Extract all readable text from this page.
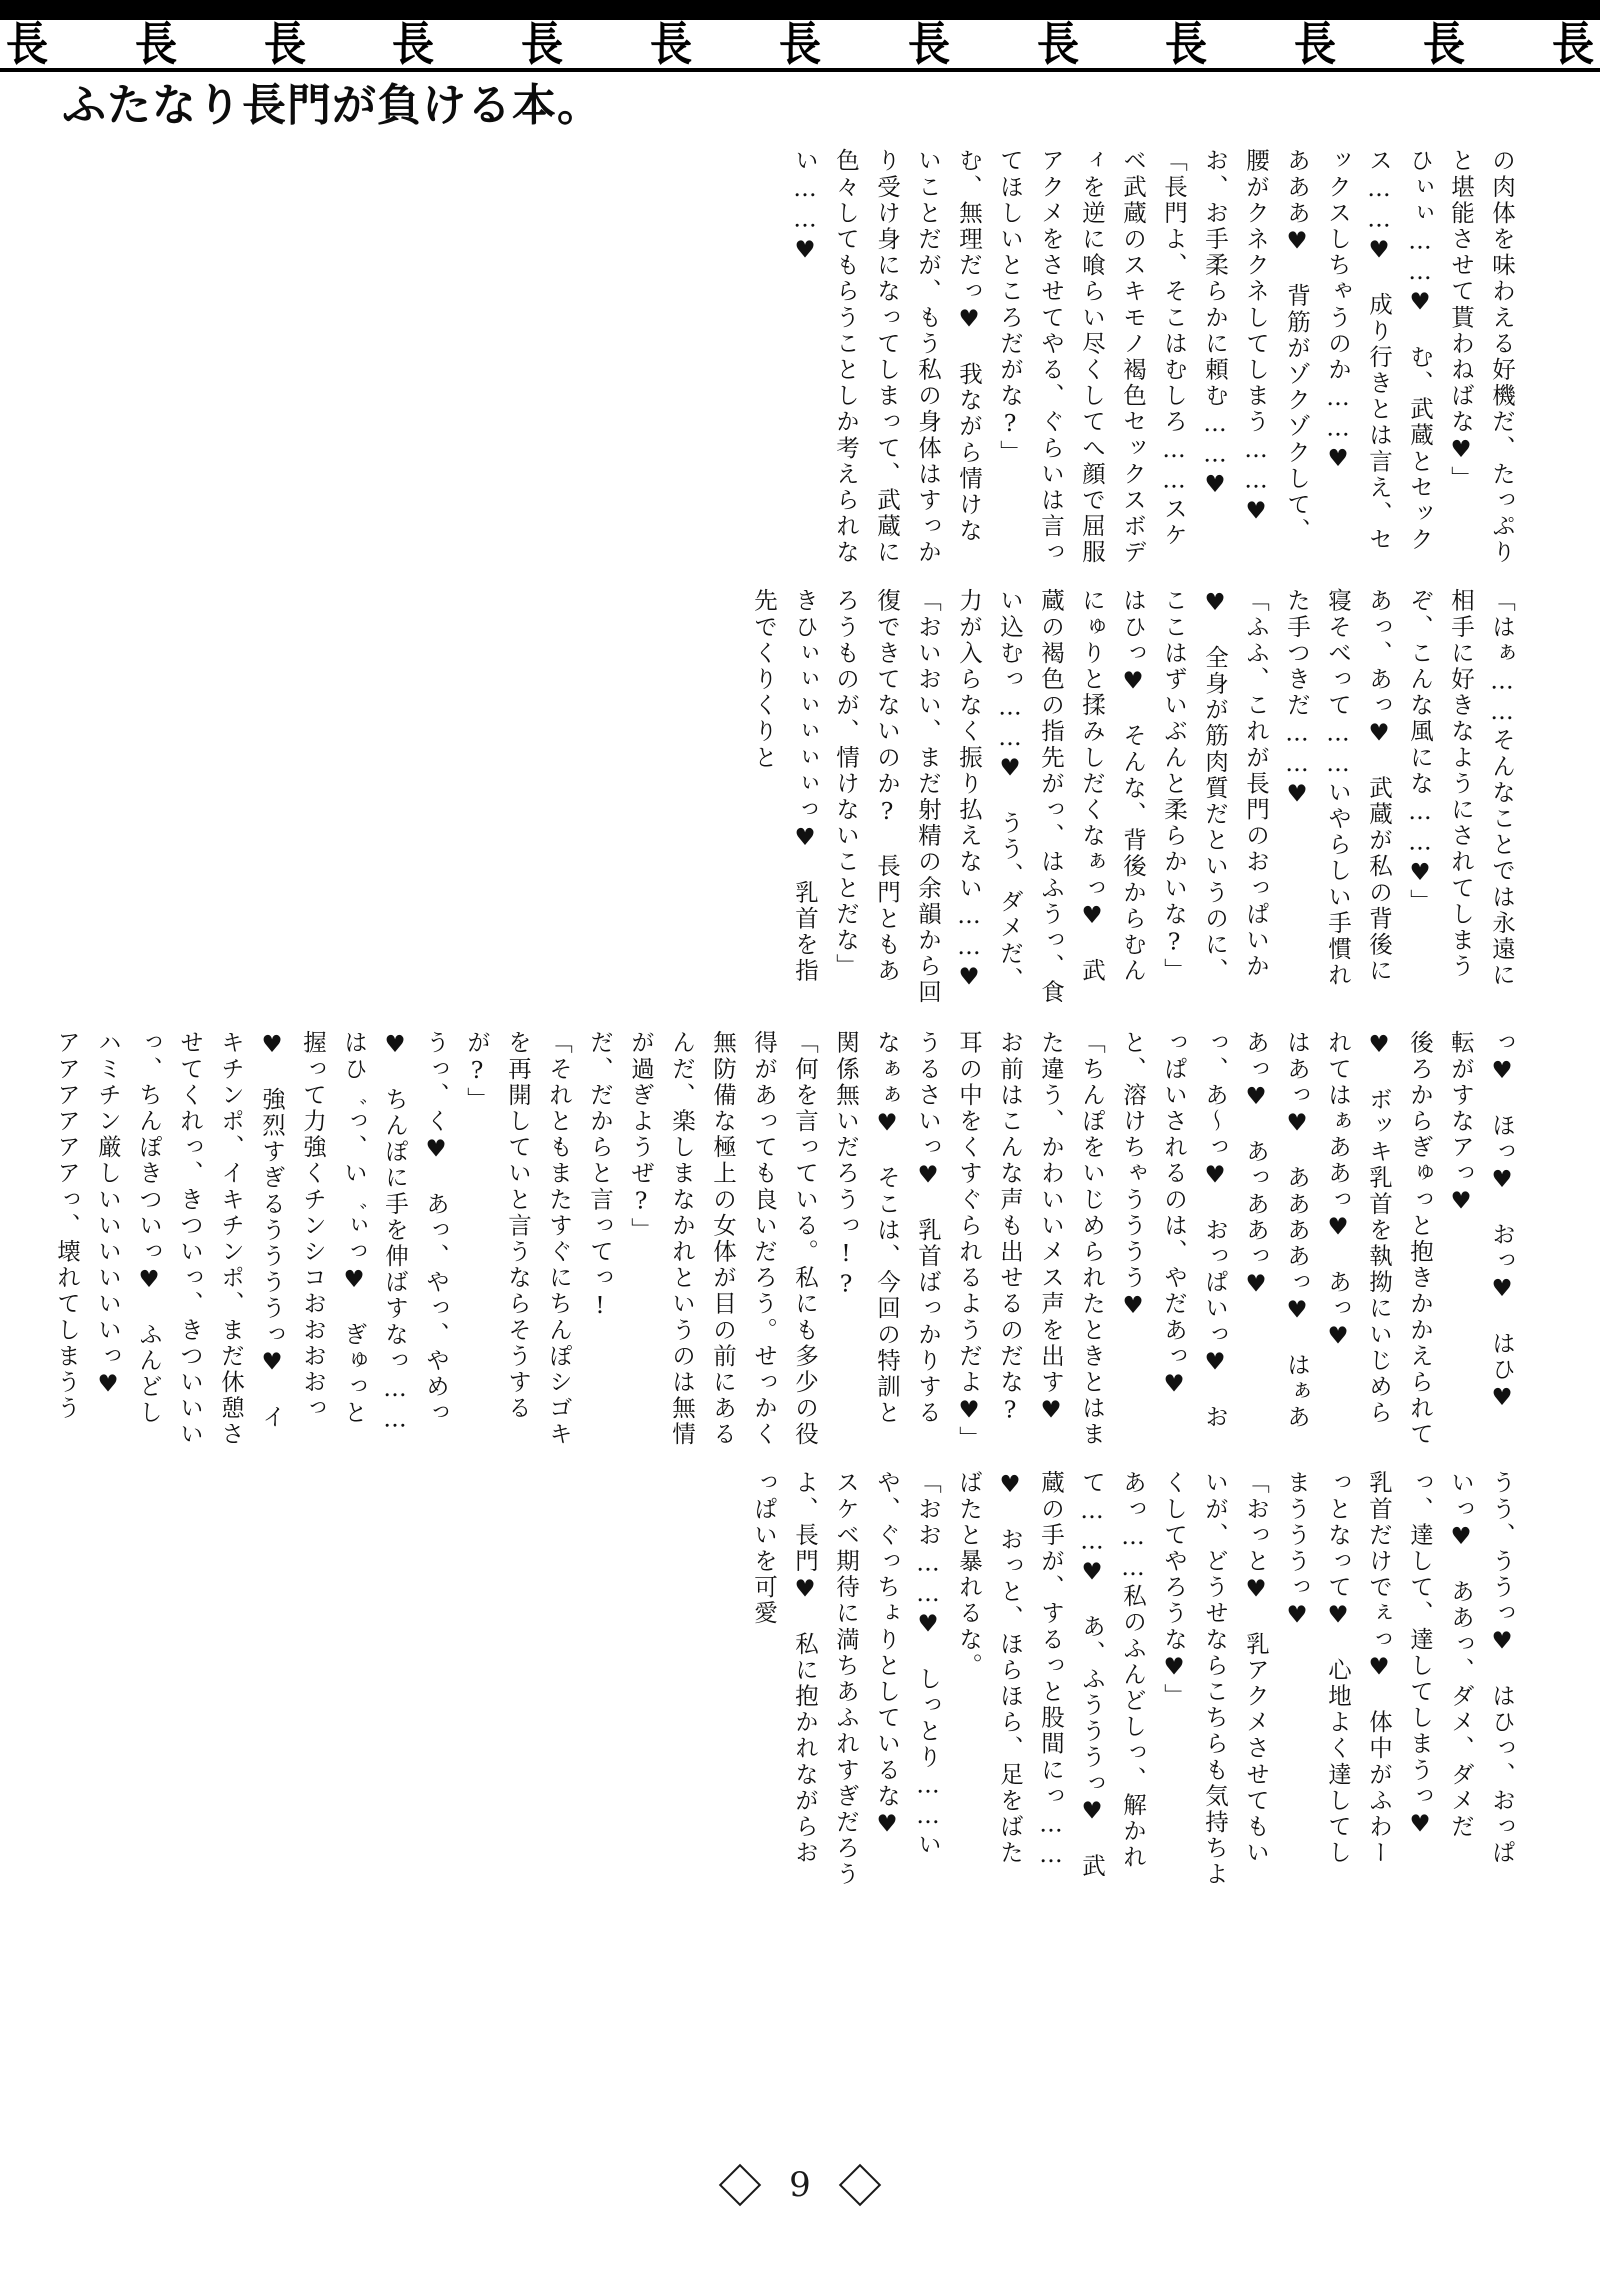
長 長 長 長 長 長 長 長 長 長 長 長 長
ふたなり長門が負ける本。

の肉体を味わえる好機だ、たっぷりと堪能させて貰わねばな♥」

ひぃぃ……♥　む、武蔵とセックス……♥　成り行きとは言え、セックスしちゃうのか……♥

あああ♥　背筋がゾクゾクして、腰がクネクネしてしまう……♥　お、お手柔らかに頼む……♥

「長門よ、そこはむしろ……スケベ武蔵のスキモノ褐色セックスボディを逆に喰らい尽くしてへ顔で屈服アクメをさせてやる、ぐらいは言ってほしいところだがな?」

む、無理だっ♥　我ながら情けないことだが、もう私の身体はすっかり受け身になってしまって、武蔵に色々してもらうことしか考えられない……♥

「はぁ……そんなことでは永遠に相手に好きなようにされてしまうぞ、こんな風にな……♥」

あっ、あっ♥　武蔵が私の背後に寝そべって……いやらしい手慣れた手つきだ……♥

「ふふ、これが長門のおっぱいか♥　全身が筋肉質だというのに、ここはずいぶんと柔らかいな?」

はひっ♥　そんな、背後からむんにゅりと揉みしだくなぁっ♥　武蔵の褐色の指先がっ、はふうっ、食い込むっ……♥　うう、ダメだ、力が入らなく振り払えない……♥

「おいおい、まだ射精の余韻から回復できてないのか?　長門ともあろうものが、情けないことだな」

きひぃぃぃぃぃぃっ♥　乳首を指先でくりくりと

っ♥　ほっ♥　おっ♥　はひ♥　転がすなアっ♥

後ろからぎゅっと抱きかかえられて♥　ボッキ乳首を執拗にいじめられてはぁああっ♥　あっ♥

はあっ♥　ああああっ♥　はぁああっ♥　あっああっ♥

っ、あ〜っ♥　おっぱいっ♥　おっぱいされるのは、やだあっ♥　と、溶けちゃうううう♥

「ちんぽをいじめられたときとはまた違う、かわいいメス声を出す♥　お前はこんな声も出せるのだな?　耳の中をくすぐられるようだよ♥」

うるさいっ♥　乳首ばっかりするなぁぁ♥　そこは、今回の特訓と関係無いだろうっ!?

「何を言っている。私にも多少の役得があっても良いだろう。せっかく無防備な極上の女体が目の前にあるんだ、楽しまなかれというのは無情が過ぎようぜ?」

だ、だからと言ってっ!

「それともまたすぐにちんぽシゴキを再開していと言うならそうするが?」

うっ、く♥　あっ、やっ、やめっ♥　ちんぽに手を伸ばすなっ……はひ゛っ、い゛ぃっ♥　ぎゅっと握って力強くチンシコおおおおっ♥　強烈すぎるううううっ♥　イキチンポ、イキチンポ、まだ休憩させてくれっ、きついっ、きついいいっ、ちんぽきついっ♥　ふんどしハミチン厳しいいいいいいっ♥　アアアアアアっ、壊れてしまうう

うう、ううっ♥　はひっ、おっぱいっ♥　ああっ、ダメ、ダメだっ、達して、達してしまうっ♥　乳首だけでぇっ♥　体中がふわーっとなって♥　心地よく達してしまうううっ♥

「おっと♥　乳アクメさせてもいいが、どうせならこちらも気持ちよくしてやろうな♥」

あっ……私のふんどしっ、解かれて……♥　あ、ふうううっ♥　武蔵の手が、するっと股間にっ……♥　おっと、ほらほら、足をばたばたと暴れるな。

「おお……♥　しっとり……いや、ぐっちょりとしているな♥　スケベ期待に満ちあふれすぎだろうよ、長門♥　私に抱かれながらおっぱいを可愛

9
